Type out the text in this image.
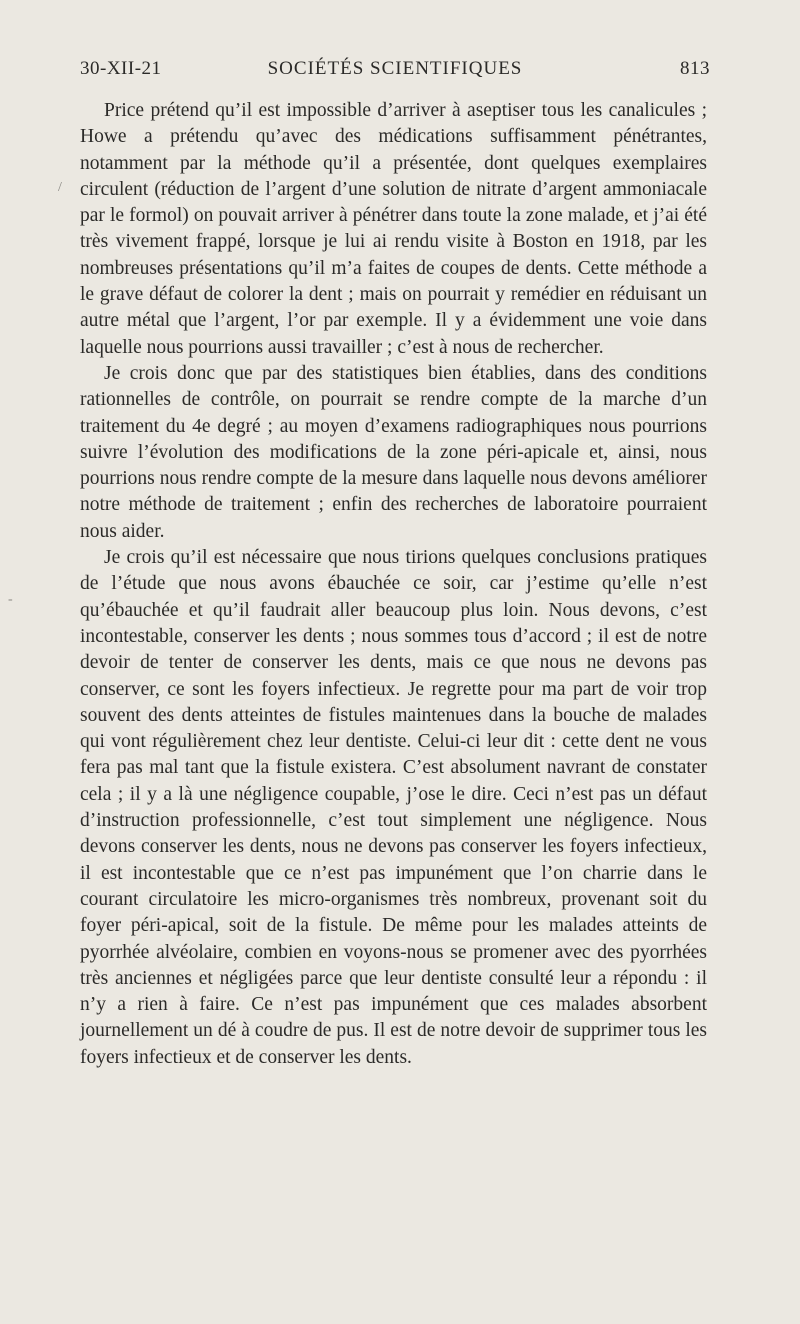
30-XII-21	SOCIÉTÉS SCIENTIFIQUES	813

Price prétend qu’il est impossible d’arriver à aseptiser tous les canalicules ; Howe a prétendu qu’avec des médications suffisamment pénétrantes, notamment par la méthode qu’il a présentée, dont quelques exemplaires circulent (réduction de l’argent d’une solution de nitrate d’argent ammoniacale par le formol) on pouvait arriver à pénétrer dans toute la zone malade, et j’ai été très vivement frappé, lorsque je lui ai rendu visite à Boston en 1918, par les nombreuses présentations qu’il m’a faites de coupes de dents. Cette méthode a le grave défaut de colorer la dent ; mais on pourrait y remédier en réduisant un autre métal que l’argent, l’or par exemple. Il y a évidemment une voie dans laquelle nous pourrions aussi travailler ; c’est à nous de rechercher.

Je crois donc que par des statistiques bien établies, dans des conditions rationnelles de contrôle, on pourrait se rendre compte de la marche d’un traitement du 4e degré ; au moyen d’examens radiographiques nous pourrions suivre l’évolution des modifications de la zone péri-apicale et, ainsi, nous pourrions nous rendre compte de la mesure dans laquelle nous devons améliorer notre méthode de traitement ; enfin des recherches de laboratoire pourraient nous aider.

Je crois qu’il est nécessaire que nous tirions quelques conclusions pratiques de l’étude que nous avons ébauchée ce soir, car j’estime qu’elle n’est qu’ébauchée et qu’il faudrait aller beaucoup plus loin. Nous devons, c’est incontestable, conserver les dents ; nous sommes tous d’accord ; il est de notre devoir de tenter de conserver les dents, mais ce que nous ne devons pas conserver, ce sont les foyers infectieux. Je regrette pour ma part de voir trop souvent des dents atteintes de fistules maintenues dans la bouche de malades qui vont régulièrement chez leur dentiste. Celui-ci leur dit : cette dent ne vous fera pas mal tant que la fistule existera. C’est absolument navrant de constater cela ; il y a là une négligence coupable, j’ose le dire. Ceci n’est pas un défaut d’instruction professionnelle, c’est tout simplement une négligence. Nous devons conserver les dents, nous ne devons pas conserver les foyers infectieux, il est incontestable que ce n’est pas impunément que l’on charrie dans le courant circulatoire les micro-organismes très nombreux, provenant soit du foyer péri-apical, soit de la fistule. De même pour les malades atteints de pyorrhée alvéolaire, combien en voyons-nous se promener avec des pyorrhées très anciennes et négligées parce que leur dentiste consulté leur a répondu : il n’y a rien à faire. Ce n’est pas impunément que ces malades absorbent journellement un dé à coudre de pus. Il est de notre devoir de supprimer tous les foyers infectieux et de conserver les dents.

/
-
